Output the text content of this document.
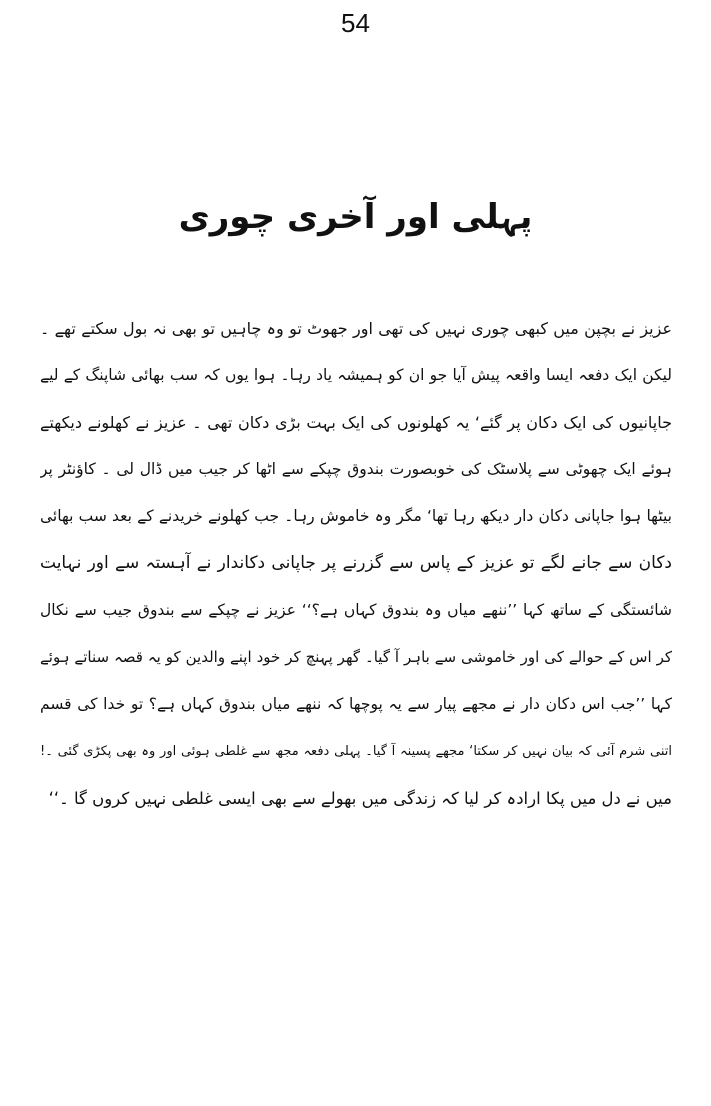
54
پہلی اور آخری چوری
عزیز نے بچپن میں کبھی چوری نہیں کی تھی اور جھوٹ تو وہ چاہیں تو بھی نہ بول سکتے تھے ۔
لیکن ایک دفعہ ایسا واقعہ پیش آیا جو ان کو ہمیشہ یاد رہا۔ ہوا یوں کہ سب بھائی شاپنگ کے لیے
جاپانیوں کی ایک دکان پر گئے‘ یہ کھلونوں کی ایک بہت بڑی دکان تھی ۔ عزیز نے کھلونے دیکھتے
ہوئے ایک چھوٹی سے پلاسٹک کی خوبصورت بندوق چپکے سے اٹھا کر جیب میں ڈال لی ۔ کاؤنٹر پر
بیٹھا ہوا جاپانی دکان دار دیکھ رہا تھا‘ مگر وہ خاموش رہا۔ جب کھلونے خریدنے کے بعد سب بھائی
دکان سے جانے لگے تو عزیز کے پاس سے گزرنے پر جاپانی دکاندار نے آہستہ سے اور نہایت
شائستگی کے ساتھ کہا ’’ننھے میاں وہ بندوق کہاں ہے؟‘‘ عزیز نے چپکے سے بندوق جیب سے نکال
کر اس کے حوالے کی اور خاموشی سے باہر آ گیا۔ گھر پہنچ کر خود اپنے والدین کو یہ قصہ سناتے ہوئے
کہا ’’جب اس دکان دار نے مجھے پیار سے یہ پوچھا کہ ننھے میاں بندوق کہاں ہے؟ تو خدا کی قسم
اتنی شرم آئی کہ بیان نہیں کر سکتا‘ مجھے پسینہ آ گیا۔ پہلی دفعہ مجھ سے غلطی ہوئی اور وہ بھی پکڑی گئی ۔!
میں نے دل میں پکا ارادہ کر لیا کہ زندگی میں بھولے سے بھی ایسی غلطی نہیں کروں گا ۔‘‘
